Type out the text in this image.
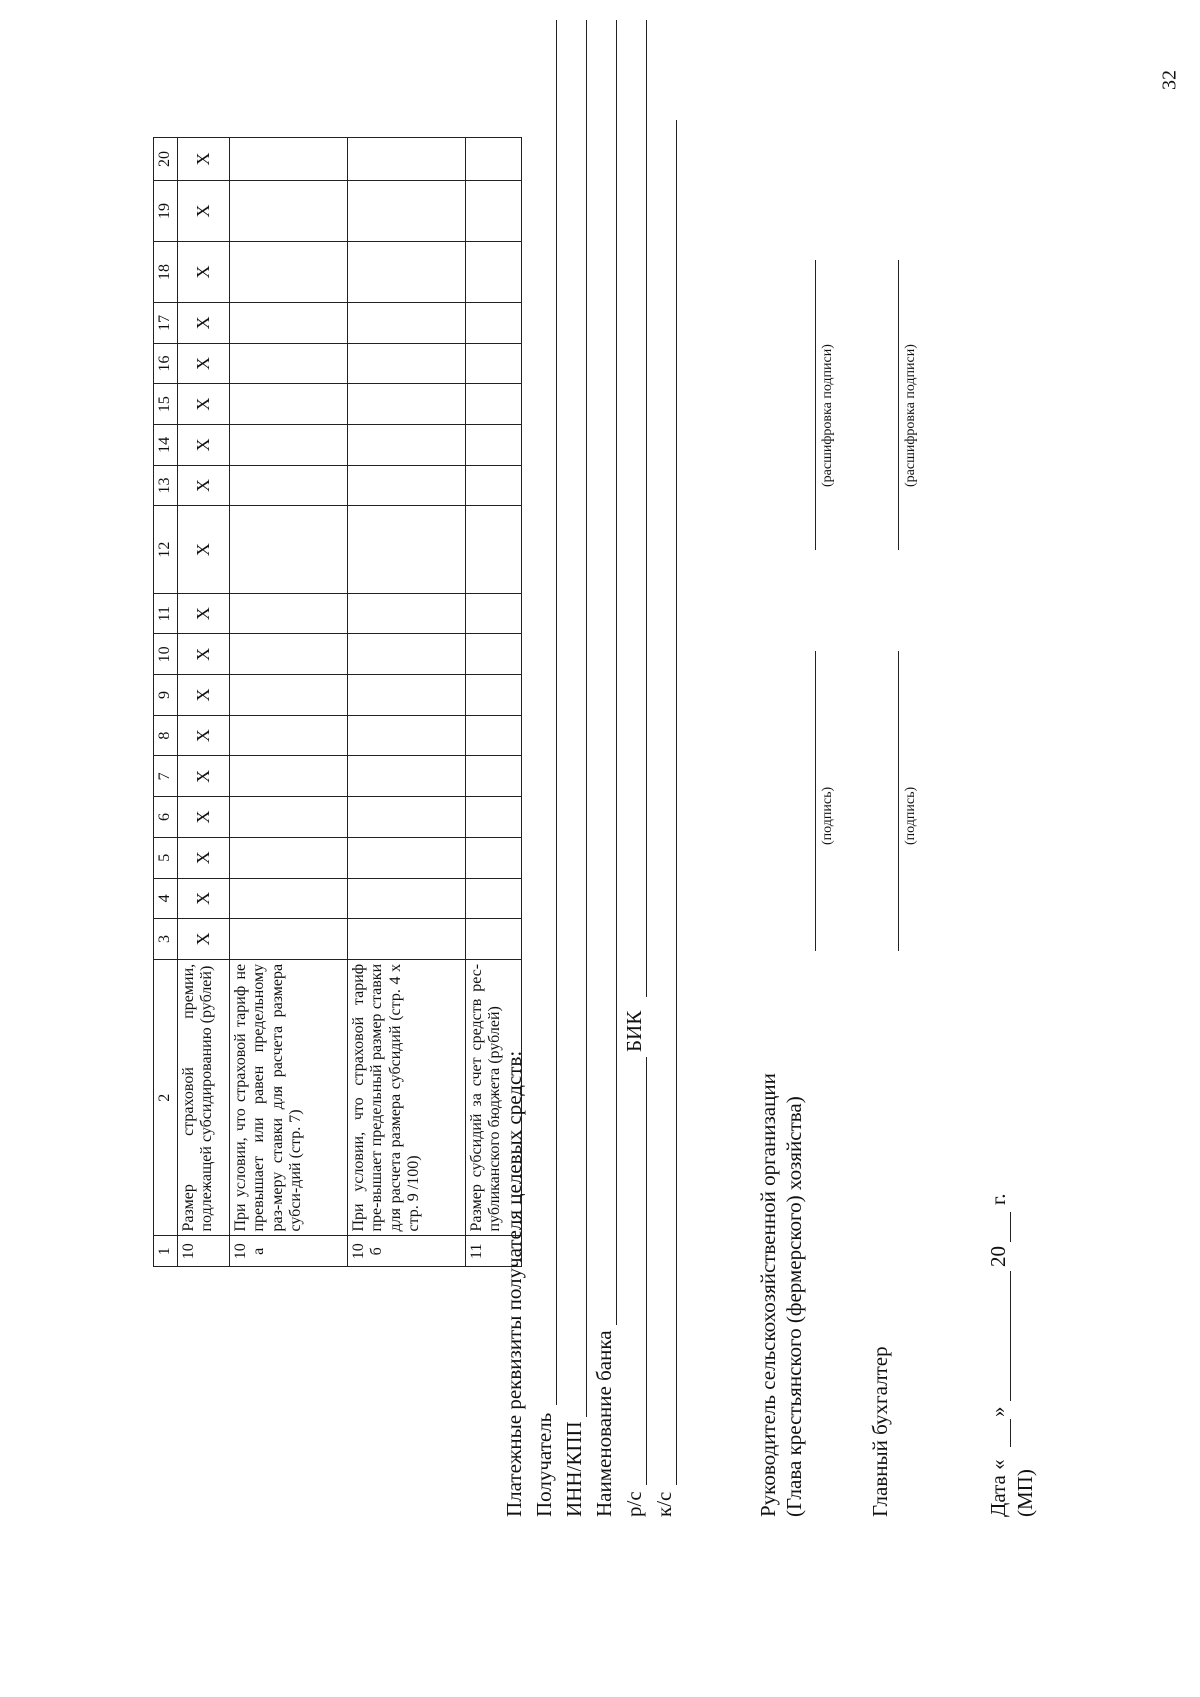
32
1	2	3	4	5	6	7	8	9	10	11	12	13	14	15	16	17	18	19	20

10	Размер страховой премии, подлежащей субсидированию (рублей)	X	X	X	X	X	X	X	X	X	X	X	X	X	X	X	X	X	X

10 а	При условии, что страховой тариф не превышает или равен предельному раз-меру ставки для расчета размера субси-дий (стр. 7)																		

10 б	При условии, что страховой тариф пре-вышает предельный размер ставки для расчета размера субсидий (стр. 4 х стр. 9 /100)																		

11	Размер субсидий за счет средств рес-публиканского бюджета (рублей)																		
Платежные реквизиты получателя целевых средств: Получатель ИНН/КПП Наименование банка р/с
БИК
к/с	Руководитель сельскохозяйственной организации (Глава крестьянского (фермерского) хозяйства)
(подпись)
(расшифровка подписи)
Главный бухгалтер
(подпись)
(расшифровка подписи)
Дата «
»
20
г.
(МП)
